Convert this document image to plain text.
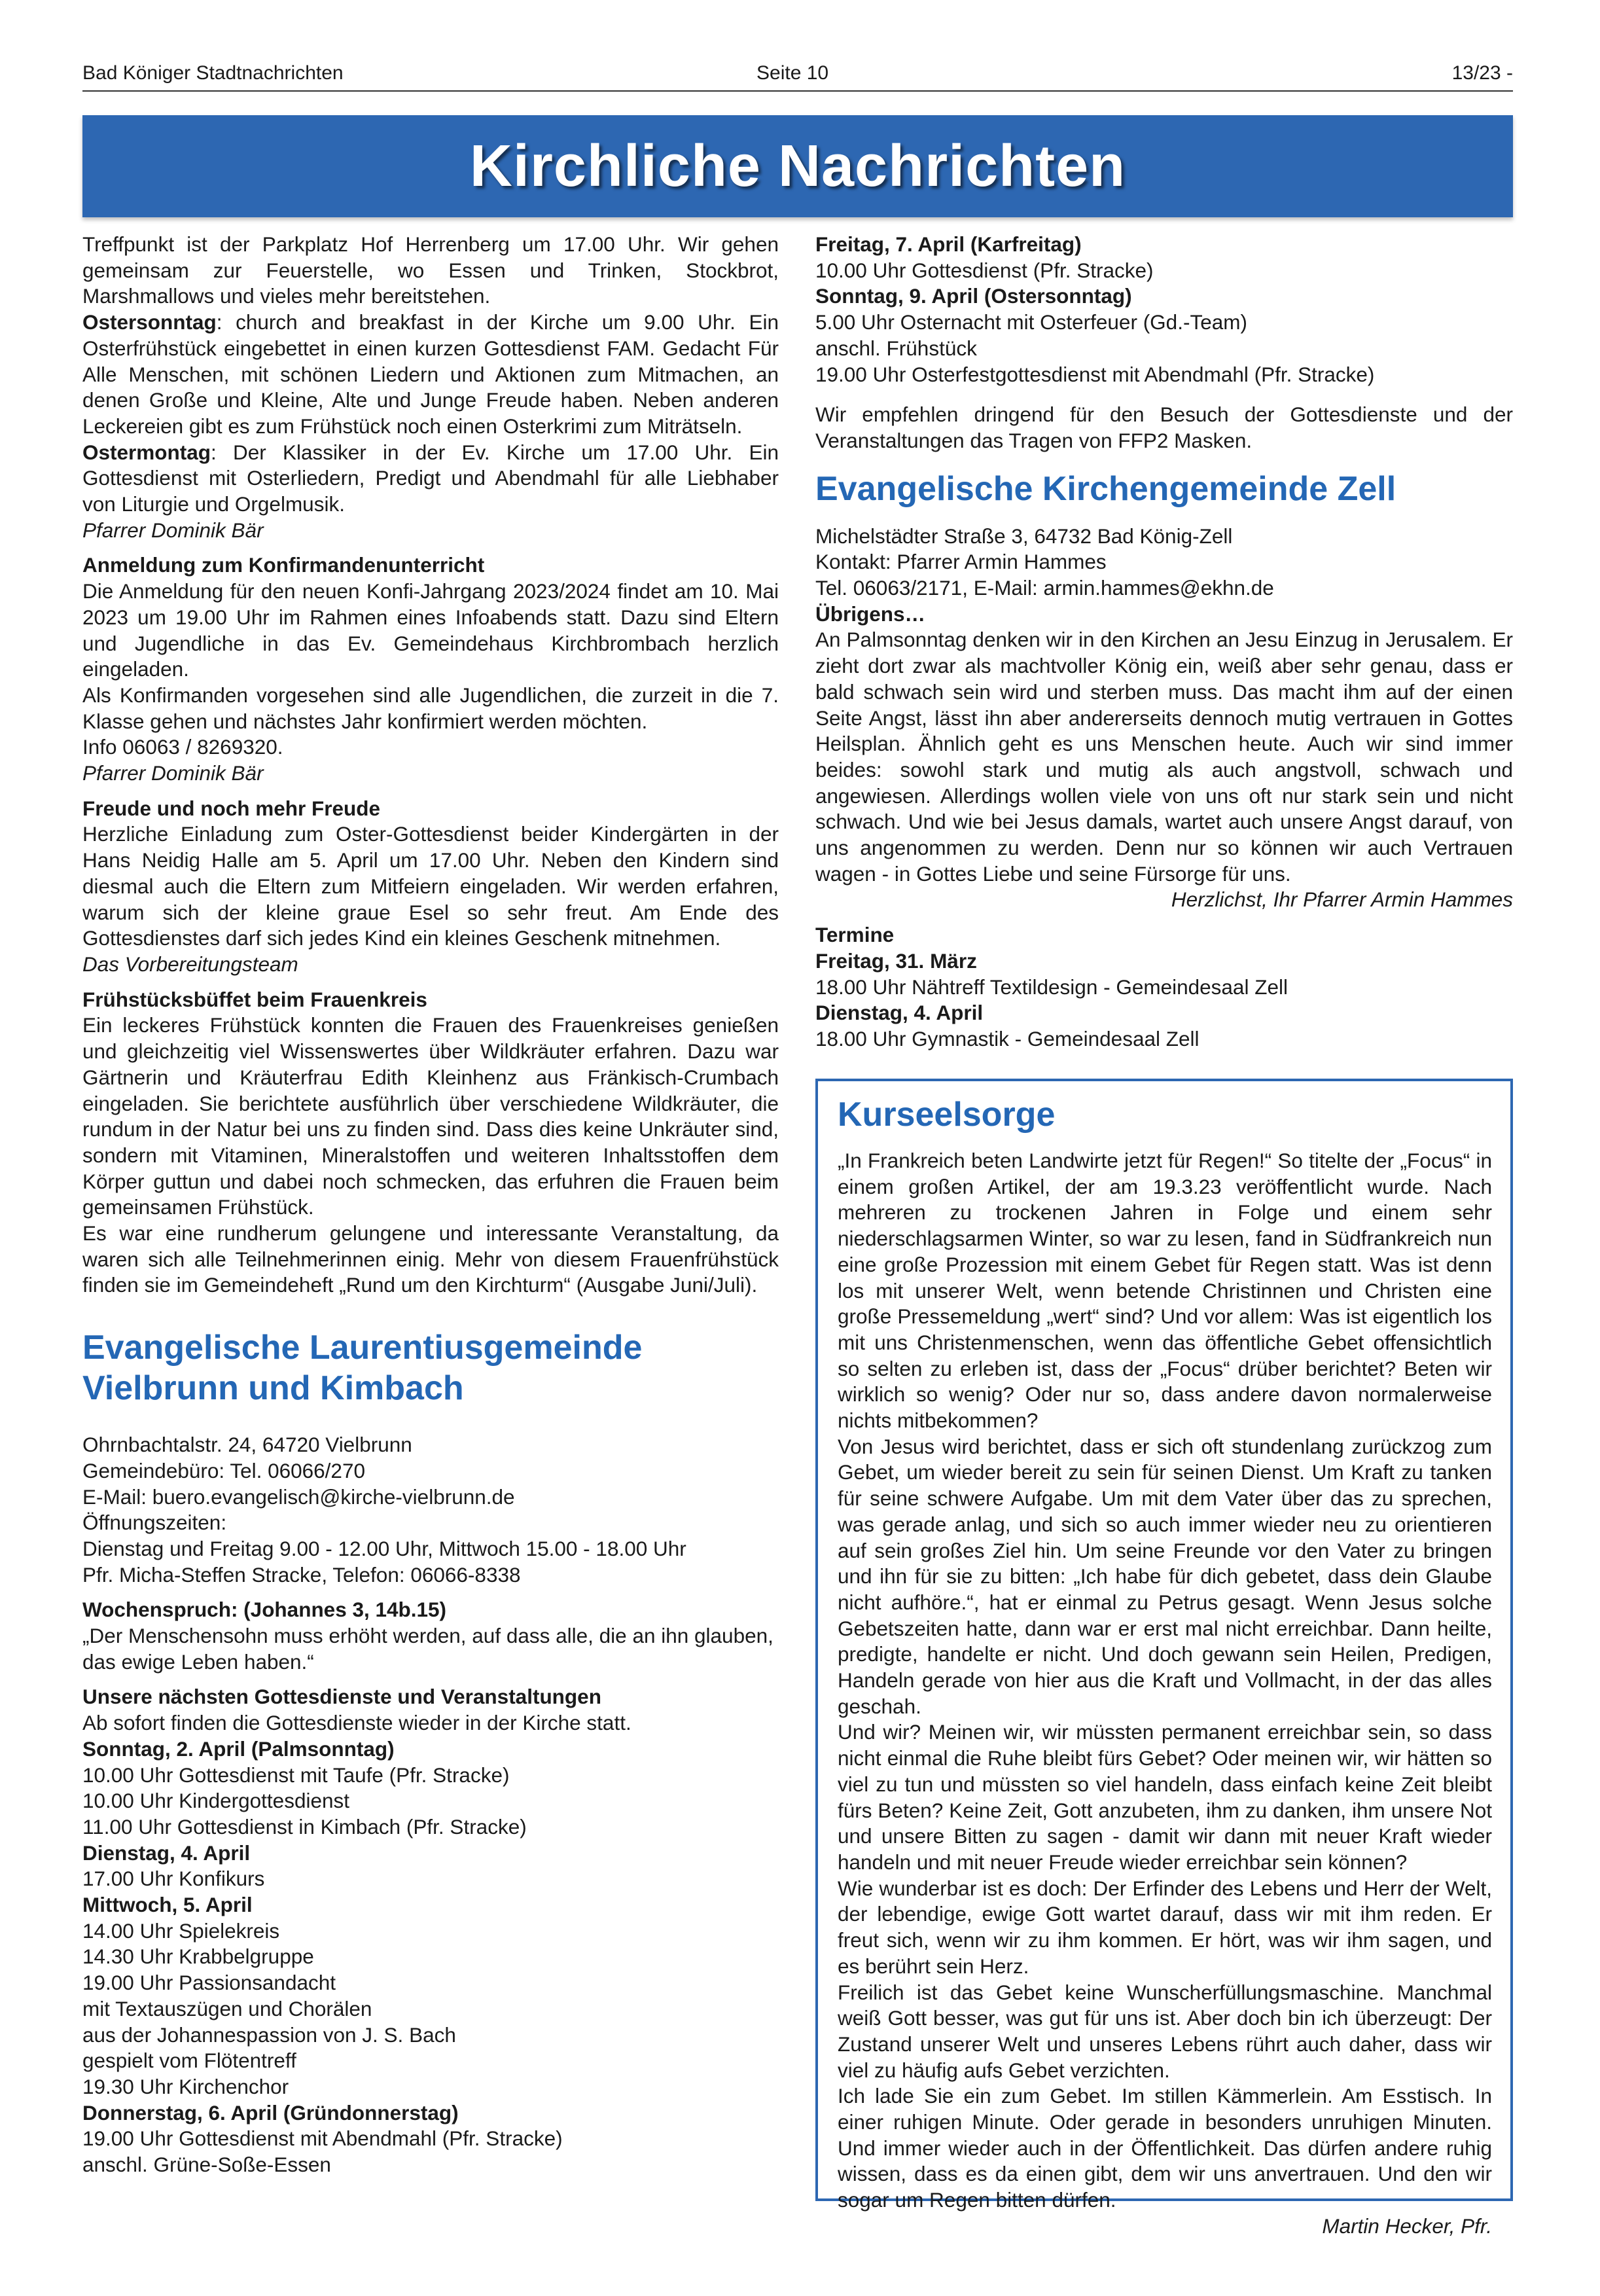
Bad Königer Stadtnachrichten	Seite 10	13/23 -
Kirchliche Nachrichten

Treffpunkt ist der Parkplatz Hof Herrenberg um 17.00 Uhr. Wir gehen gemeinsam zur Feuerstelle, wo Essen und Trinken, Stockbrot, Marshmallows und vieles mehr bereitstehen.

Ostersonntag: church and breakfast in der Kirche um 9.00 Uhr. Ein Osterfrühstück eingebettet in einen kurzen Gottesdienst FAM. Gedacht Für Alle Menschen, mit schönen Liedern und Aktionen zum Mitmachen, an denen Große und Kleine, Alte und Junge Freude haben. Neben anderen Leckereien gibt es zum Frühstück noch einen Osterkrimi zum Miträtseln.

Ostermontag: Der Klassiker in der Ev. Kirche um 17.00 Uhr. Ein Gottesdienst mit Osterliedern, Predigt und Abendmahl für alle Liebhaber von Liturgie und Orgelmusik.

Pfarrer Dominik Bär

Anmeldung zum Konfirmandenunterricht

Die Anmeldung für den neuen Konfi-Jahrgang 2023/2024 findet am 10. Mai 2023 um 19.00 Uhr im Rahmen eines Infoabends statt. Dazu sind Eltern und Jugendliche in das Ev. Gemeindehaus Kirchbrombach herzlich eingeladen.

Als Konfirmanden vorgesehen sind alle Jugendlichen, die zurzeit in die 7. Klasse gehen und nächstes Jahr konfirmiert werden möchten.

Info 06063 / 8269320.

Pfarrer Dominik Bär

Freude und noch mehr Freude

Herzliche Einladung zum Oster-Gottesdienst beider Kindergärten in der Hans Neidig Halle am 5. April um 17.00 Uhr. Neben den Kindern sind diesmal auch die Eltern zum Mitfeiern eingeladen. Wir werden erfahren, warum sich der kleine graue Esel so sehr freut. Am Ende des Gottesdienstes darf sich jedes Kind ein kleines Geschenk mitnehmen.

Das Vorbereitungsteam

Frühstücksbüffet beim Frauenkreis

Ein leckeres Frühstück konnten die Frauen des Frauenkreises genießen und gleichzeitig viel Wissenswertes über Wildkräuter erfahren. Dazu war Gärtnerin und Kräuterfrau Edith Kleinhenz aus Fränkisch-Crumbach eingeladen. Sie berichtete ausführlich über verschiedene Wildkräuter, die rundum in der Natur bei uns zu finden sind. Dass dies keine Unkräuter sind, sondern mit Vitaminen, Mineralstoffen und weiteren Inhaltsstoffen dem Körper guttun und dabei noch schmecken, das erfuhren die Frauen beim gemeinsamen Frühstück.

Es war eine rundherum gelungene und interessante Veranstaltung, da waren sich alle Teilnehmerinnen einig. Mehr von diesem Frauenfrühstück finden sie im Gemeindeheft „Rund um den Kirchturm“ (Ausgabe Juni/Juli).

Evangelische Laurentiusgemeinde
Vielbrunn und Kimbach

Ohrnbachtalstr. 24, 64720 Vielbrunn

Gemeindebüro: Tel. 06066/270

E-Mail: buero.evangelisch@kirche-vielbrunn.de

Öffnungszeiten:

Dienstag und Freitag 9.00 - 12.00 Uhr, Mittwoch 15.00 - 18.00 Uhr

Pfr. Micha-Steffen Stracke, Telefon: 06066-8338

Wochenspruch: (Johannes 3, 14b.15)

„Der Menschensohn muss erhöht werden, auf dass alle, die an ihn glauben, das ewige Leben haben.“

Unsere nächsten Gottesdienste und Veranstaltungen

Ab sofort finden die Gottesdienste wieder in der Kirche statt.

Sonntag, 2. April (Palmsonntag)

10.00 Uhr Gottesdienst mit Taufe (Pfr. Stracke)

10.00 Uhr Kindergottesdienst

11.00 Uhr Gottesdienst in Kimbach (Pfr. Stracke)

Dienstag, 4. April

17.00 Uhr Konfikurs

Mittwoch, 5. April

14.00 Uhr Spielekreis

14.30 Uhr Krabbelgruppe

19.00 Uhr Passionsandacht

mit Textauszügen und Chorälen

aus der Johannespassion von J. S. Bach

gespielt vom Flötentreff

19.30 Uhr Kirchenchor

Donnerstag, 6. April (Gründonnerstag)

19.00 Uhr Gottesdienst mit Abendmahl (Pfr. Stracke)

anschl. Grüne-Soße-Essen

Freitag, 7. April (Karfreitag)

10.00 Uhr Gottesdienst (Pfr. Stracke)

Sonntag, 9. April (Ostersonntag)

5.00 Uhr Osternacht mit Osterfeuer (Gd.-Team)

anschl. Frühstück

19.00 Uhr Osterfestgottesdienst mit Abendmahl (Pfr. Stracke)

Wir empfehlen dringend für den Besuch der Gottesdienste und der Veranstaltungen das Tragen von FFP2 Masken.

Evangelische Kirchengemeinde Zell

Michelstädter Straße 3, 64732 Bad König-Zell

Kontakt: Pfarrer Armin Hammes

Tel. 06063/2171, E-Mail: armin.hammes@ekhn.de

Übrigens…

An Palmsonntag denken wir in den Kirchen an Jesu Einzug in Jerusalem. Er zieht dort zwar als machtvoller König ein, weiß aber sehr genau, dass er bald schwach sein wird und sterben muss. Das macht ihm auf der einen Seite Angst, lässt ihn aber andererseits dennoch mutig vertrauen in Gottes Heilsplan. Ähnlich geht es uns Menschen heute. Auch wir sind immer beides: sowohl stark und mutig als auch angstvoll, schwach und angewiesen. Allerdings wollen viele von uns oft nur stark sein und nicht schwach. Und wie bei Jesus damals, wartet auch unsere Angst darauf, von uns angenommen zu werden. Denn nur so können wir auch Vertrauen wagen - in Gottes Liebe und seine Fürsorge für uns.

Herzlichst, Ihr Pfarrer Armin Hammes

Termine

Freitag, 31. März

18.00 Uhr Nähtreff Textildesign - Gemeindesaal Zell

Dienstag, 4. April

18.00 Uhr Gymnastik - Gemeindesaal Zell

Kurseelsorge

„In Frankreich beten Landwirte jetzt für Regen!“ So titelte der „Focus“ in einem großen Artikel, der am 19.3.23 veröffentlicht wurde. Nach mehreren zu trockenen Jahren in Folge und einem sehr niederschlagsarmen Winter, so war zu lesen, fand in Südfrankreich nun eine große Prozession mit einem Gebet für Regen statt. Was ist denn los mit unserer Welt, wenn betende Christinnen und Christen eine große Pressemeldung „wert“ sind? Und vor allem: Was ist eigentlich los mit uns Christenmenschen, wenn das öffentliche Gebet offensichtlich so selten zu erleben ist, dass der „Focus“ drüber berichtet? Beten wir wirklich so wenig? Oder nur so, dass andere davon normalerweise nichts mitbekommen?

Von Jesus wird berichtet, dass er sich oft stundenlang zurückzog zum Gebet, um wieder bereit zu sein für seinen Dienst. Um Kraft zu tanken für seine schwere Aufgabe. Um mit dem Vater über das zu sprechen, was gerade anlag, und sich so auch immer wieder neu zu orientieren auf sein großes Ziel hin. Um seine Freunde vor den Vater zu bringen und ihn für sie zu bitten: „Ich habe für dich gebetet, dass dein Glaube nicht aufhöre.“, hat er einmal zu Petrus gesagt. Wenn Jesus solche Gebetszeiten hatte, dann war er erst mal nicht erreichbar. Dann heilte, predigte, handelte er nicht. Und doch gewann sein Heilen, Predigen, Handeln gerade von hier aus die Kraft und Vollmacht, in der das alles geschah.

Und wir? Meinen wir, wir müssten permanent erreichbar sein, so dass nicht einmal die Ruhe bleibt fürs Gebet? Oder meinen wir, wir hätten so viel zu tun und müssten so viel handeln, dass einfach keine Zeit bleibt fürs Beten? Keine Zeit, Gott anzubeten, ihm zu danken, ihm unsere Not und unsere Bitten zu sagen - damit wir dann mit neuer Kraft wieder handeln und mit neuer Freude wieder erreichbar sein können?

Wie wunderbar ist es doch: Der Erfinder des Lebens und Herr der Welt, der lebendige, ewige Gott wartet darauf, dass wir mit ihm reden. Er freut sich, wenn wir zu ihm kommen. Er hört, was wir ihm sagen, und es berührt sein Herz.

Freilich ist das Gebet keine Wunscherfüllungsmaschine. Manchmal weiß Gott besser, was gut für uns ist. Aber doch bin ich überzeugt: Der Zustand unserer Welt und unseres Lebens rührt auch daher, dass wir viel zu häufig aufs Gebet verzichten.

Ich lade Sie ein zum Gebet. Im stillen Kämmerlein. Am Esstisch. In einer ruhigen Minute. Oder gerade in besonders unruhigen Minuten. Und immer wieder auch in der Öffentlichkeit. Das dürfen andere ruhig wissen, dass es da einen gibt, dem wir uns anvertrauen. Und den wir sogar um Regen bitten dürfen.

Martin Hecker, Pfr.
